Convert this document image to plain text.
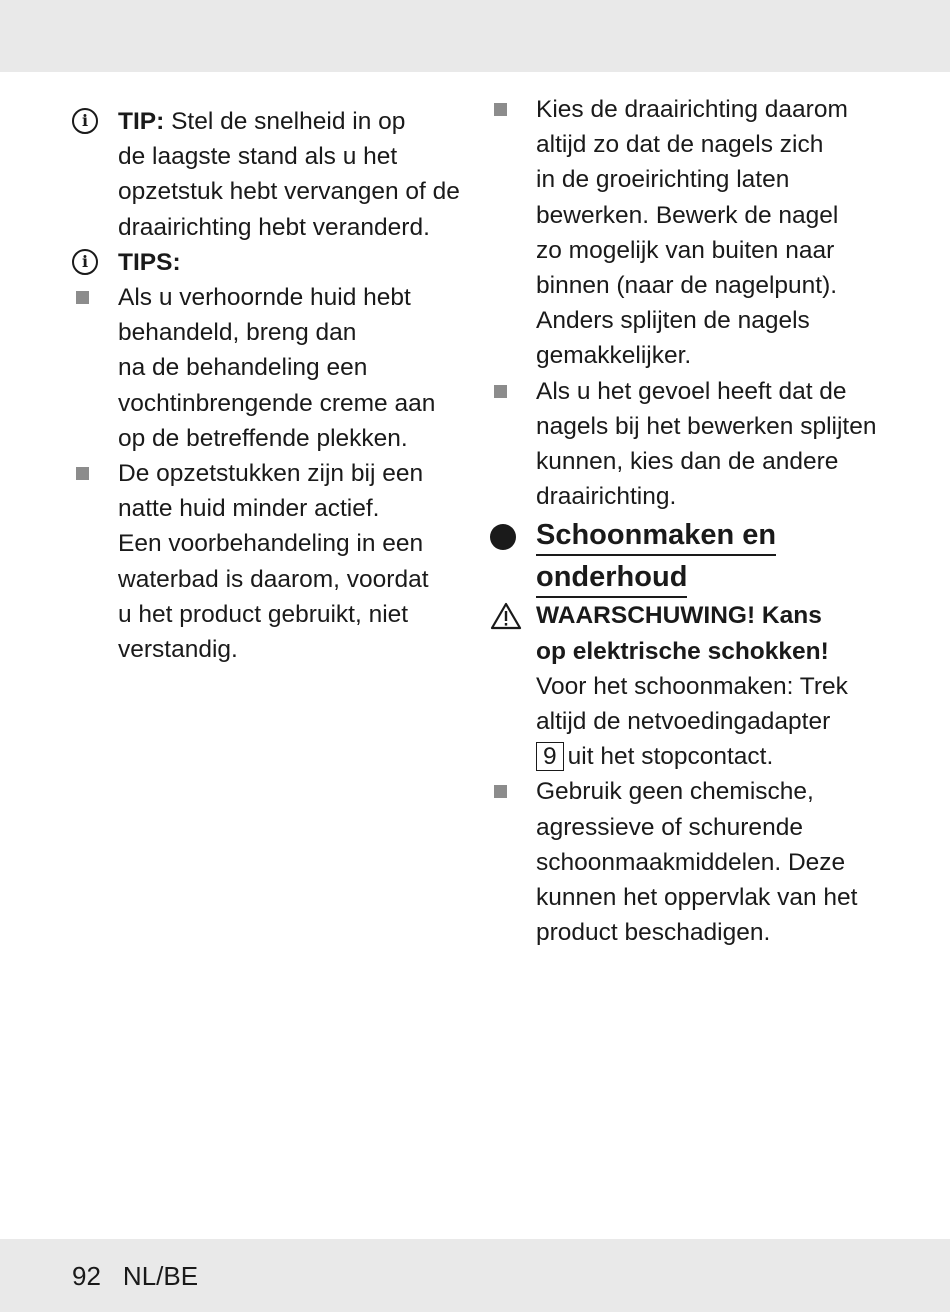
i	TIP: Stel de snelheid in op
de laagste stand als u het
opzetstuk hebt vervangen of de
draairichting hebt veranderd.
i	TIPS:
Als u verhoornde huid hebt
behandeld, breng dan
na de behandeling een
vochtinbrengende creme aan
op de betreffende plekken.
De opzetstukken zijn bij een
natte huid minder actief.
Een voorbehandeling in een
waterbad is daarom, voordat
u het product gebruikt, niet
verstandig.
Kies de draairichting daarom
altijd zo dat de nagels zich
in de groeirichting laten
bewerken. Bewerk de nagel
zo mogelijk van buiten naar
binnen (naar de nagelpunt).
Anders splijten de nagels
gemakkelijker.
Als u het gevoel heeft dat de
nagels bij het bewerken splijten
kunnen, kies dan de andere
draairichting.
Schoonmaken en
onderhoud
WAARSCHUWING! Kans
op elektrische schokken!
Voor het schoonmaken: Trek
altijd de netvoedingadapter
9 uit het stopcontact.
Gebruik geen chemische,
agressieve of schurende
schoonmaakmiddelen. Deze
kunnen het oppervlak van het
product beschadigen.
92 NL/BE
